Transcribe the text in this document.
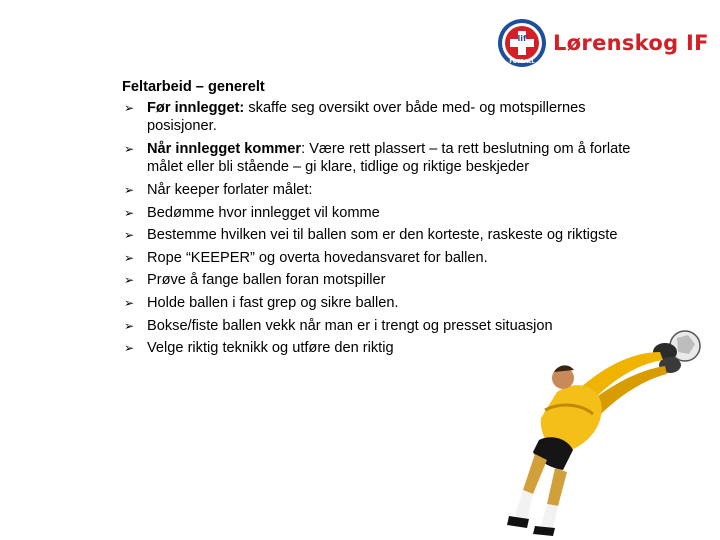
lif
FOTBALL
Lørenskog IF
Feltarbeid – generelt
➢ Før innlegget: skaffe seg oversikt over både med- og motspillernes posisjoner.
➢ Når innlegget kommer: Være rett plassert – ta rett beslutning om å forlate målet eller bli stående – gi klare, tidlige og riktige beskjeder
➢ Når keeper forlater målet:
➢ Bedømme hvor innlegget vil komme
➢ Bestemme hvilken vei til ballen som er den korteste, raskeste og riktigste
➢ Rope “KEEPER” og overta hovedansvaret for ballen.
➢ Prøve å fange ballen foran motspiller
➢ Holde ballen i fast grep og sikre ballen.
➢ Bokse/fiste ballen vekk når man er i trengt og presset situasjon
➢ Velge riktig teknikk og utføre den riktig
